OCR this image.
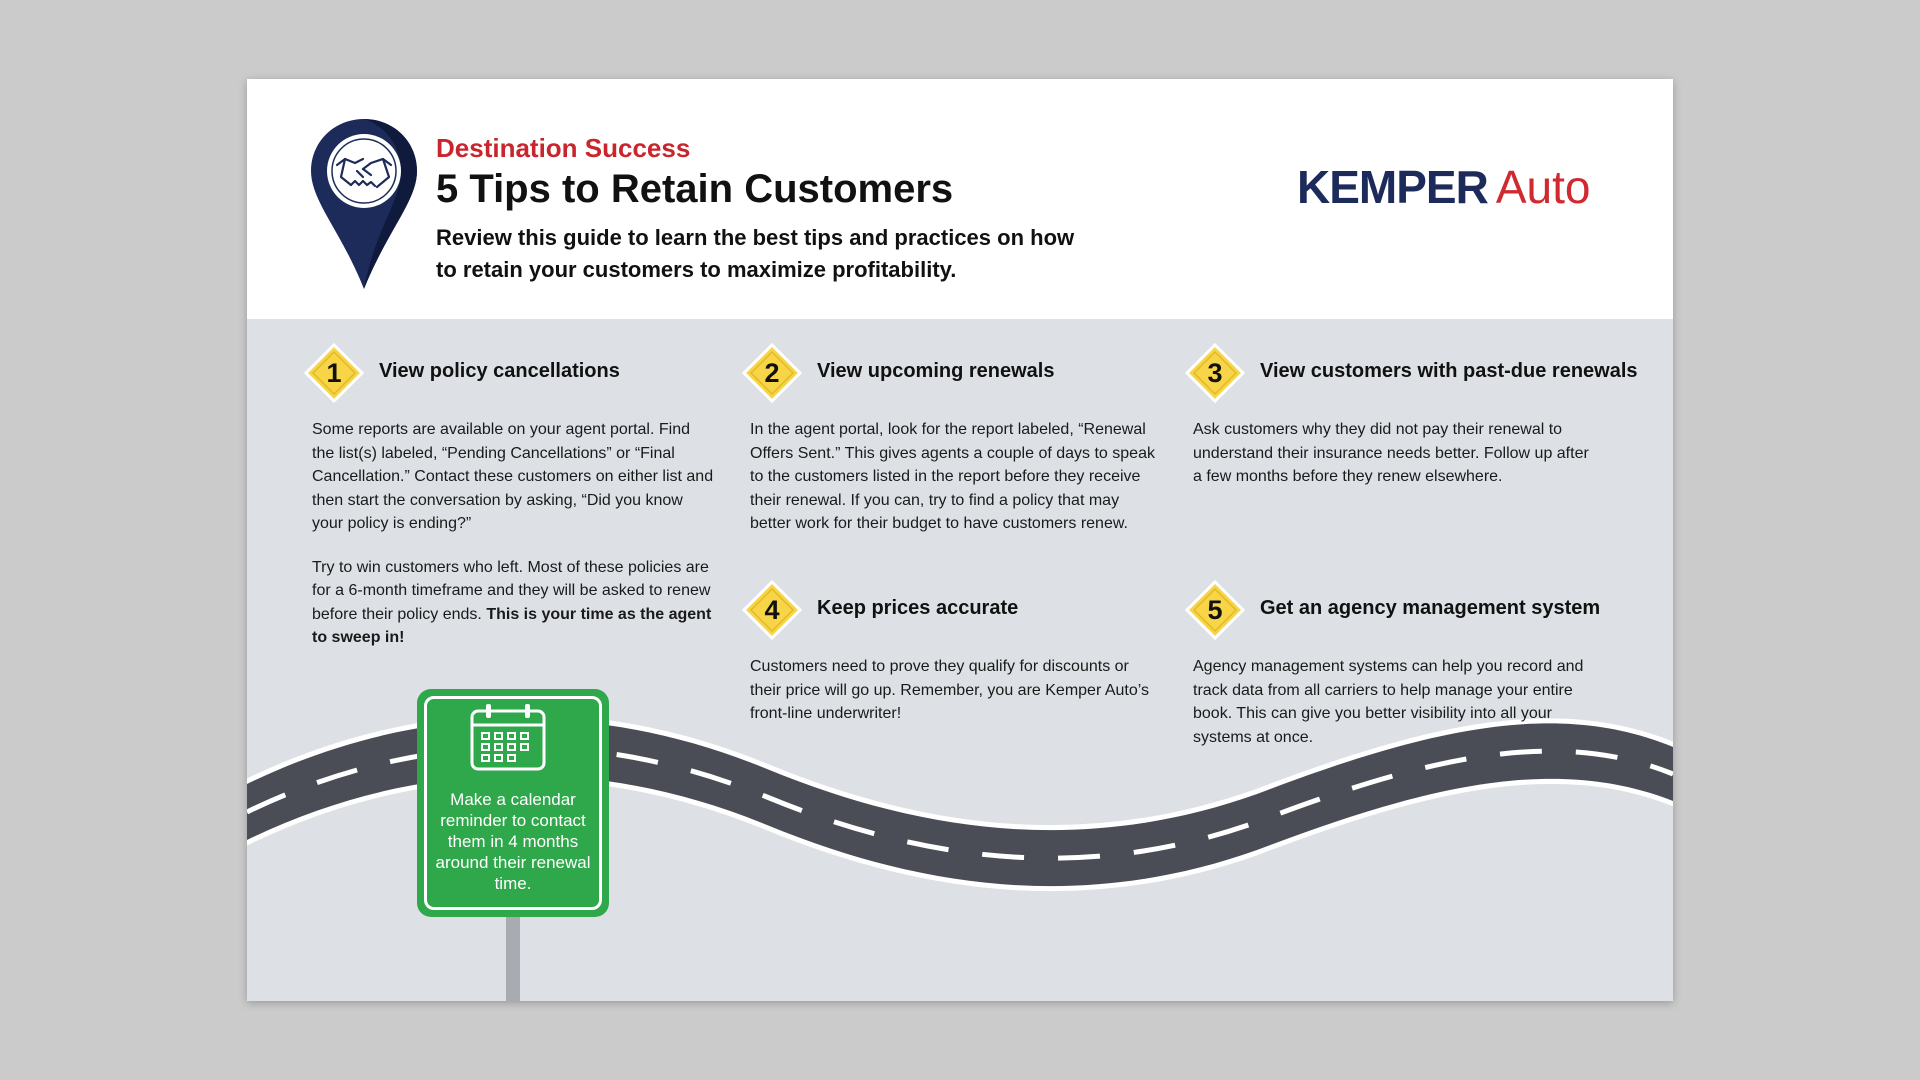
Destination Success
5 Tips to Retain Customers
Review this guide to learn the best tips and practices on how to retain your customers to maximize profitability.
KEMPER Auto
1	View policy cancellations

Some reports are available on your agent portal. Find the list(s) labeled, “Pending Cancellations” or “Final Cancellation.” Contact these customers on either list and then start the conversation by asking, “Did you know your policy is ending?”

Try to win customers who left. Most of these policies are for a 6-month timeframe and they will be asked to renew before their policy ends. This is your time as the agent to sweep in!

2	View upcoming renewals

In the agent portal, look for the report labeled, “Renewal Offers Sent.” This gives agents a couple of days to speak to the customers listed in the report before they receive their renewal. If you can, try to find a policy that may better work for their budget to have customers renew.

3	View customers with past-due renewals

Ask customers why they did not pay their renewal to understand their insurance needs better. Follow up after a few months before they renew elsewhere.

4	Keep prices accurate

Customers need to prove they qualify for discounts or their price will go up. Remember, you are Kemper Auto’s front-line underwriter!

5	Get an agency management system

Agency management systems can help you record and track data from all carriers to help manage your entire book. This can give you better visibility into all your systems at once.

Make a calendar reminder to contact them in 4 months around their renewal time.
